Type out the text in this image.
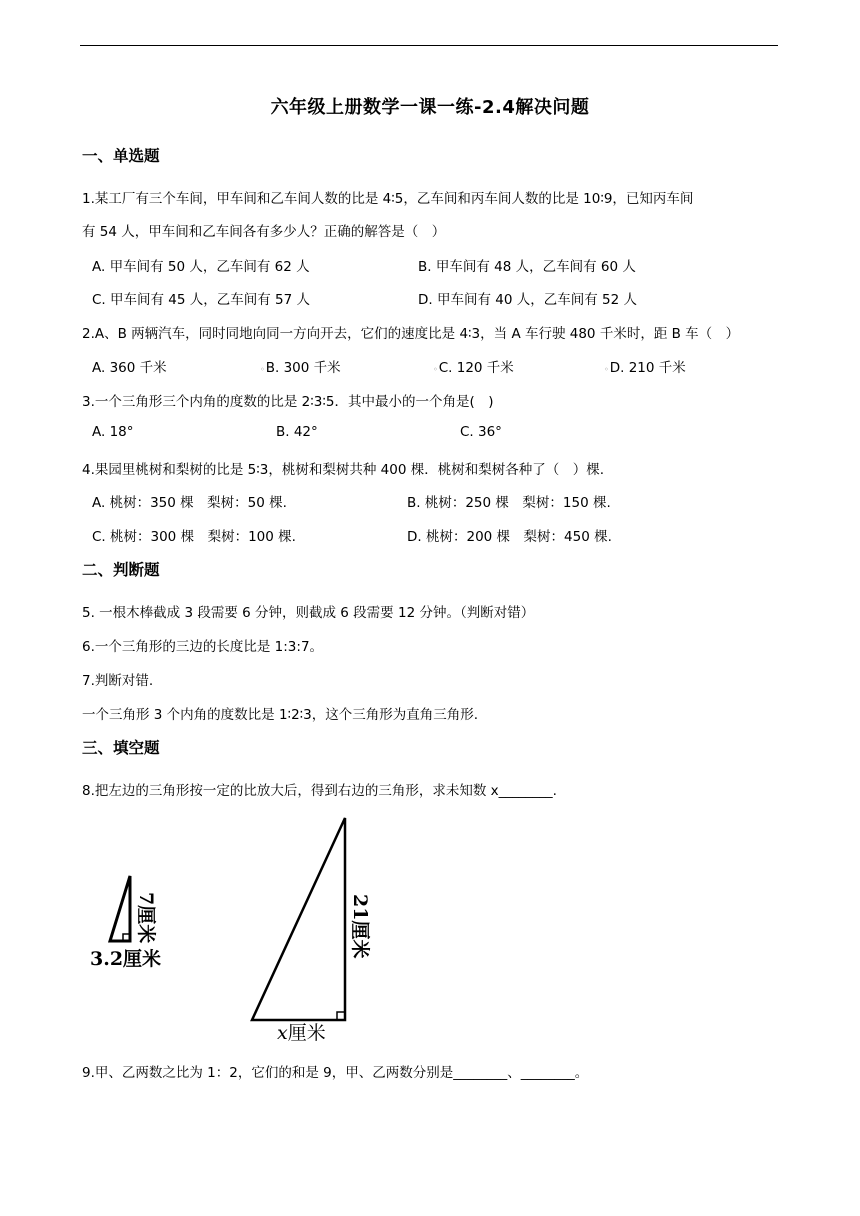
六年级上册数学一课一练-2.4解决问题
一、单选题
1.某工厂有三个车间，甲车间和乙车间人数的比是 4∶5，乙车间和丙车间人数的比是 10∶9，已知丙车间
有 54 人，甲车间和乙车间各有多少人？正确的解答是（　）
A. 甲车间有 50 人，乙车间有 62 人	B. 甲车间有 48 人，乙车间有 60 人
C. 甲车间有 45 人，乙车间有 57 人	D. 甲车间有 40 人，乙车间有 52 人
2.A、B 两辆汽车，同时同地向同一方向开去，它们的速度比是 4∶3，当 A 车行驶 480 千米时，距 B 车（　）
A. 360 千米	◦B. 300 千米	◦C. 120 千米	◦D. 210 千米
3.一个三角形三个内角的度数的比是 2∶3∶5．其中最小的一个角是(　)
A. 18°	B. 42°	C. 36°
4.果园里桃树和梨树的比是 5∶3，桃树和梨树共种 400 棵．桃树和梨树各种了（　）棵.
A. 桃树：350 棵　梨树：50 棵.	B. 桃树：250 棵　梨树：150 棵.
C. 桃树：300 棵　梨树：100 棵.	D. 桃树：200 棵　梨树：450 棵.
二、判断题
5. 一根木棒截成 3 段需要 6 分钟，则截成 6 段需要 12 分钟。（判断对错）
6.一个三角形的三边的长度比是 1:3:7。
7.判断对错.
一个三角形 3 个内角的度数比是 1∶2∶3，这个三角形为直角三角形.
三、填空题
8.把左边的三角形按一定的比放大后，得到右边的三角形，求未知数 x________.
7厘米
3.2厘米
21厘米
x厘米
9.甲、乙两数之比为 1：2，它们的和是 9，甲、乙两数分别是________、________。
